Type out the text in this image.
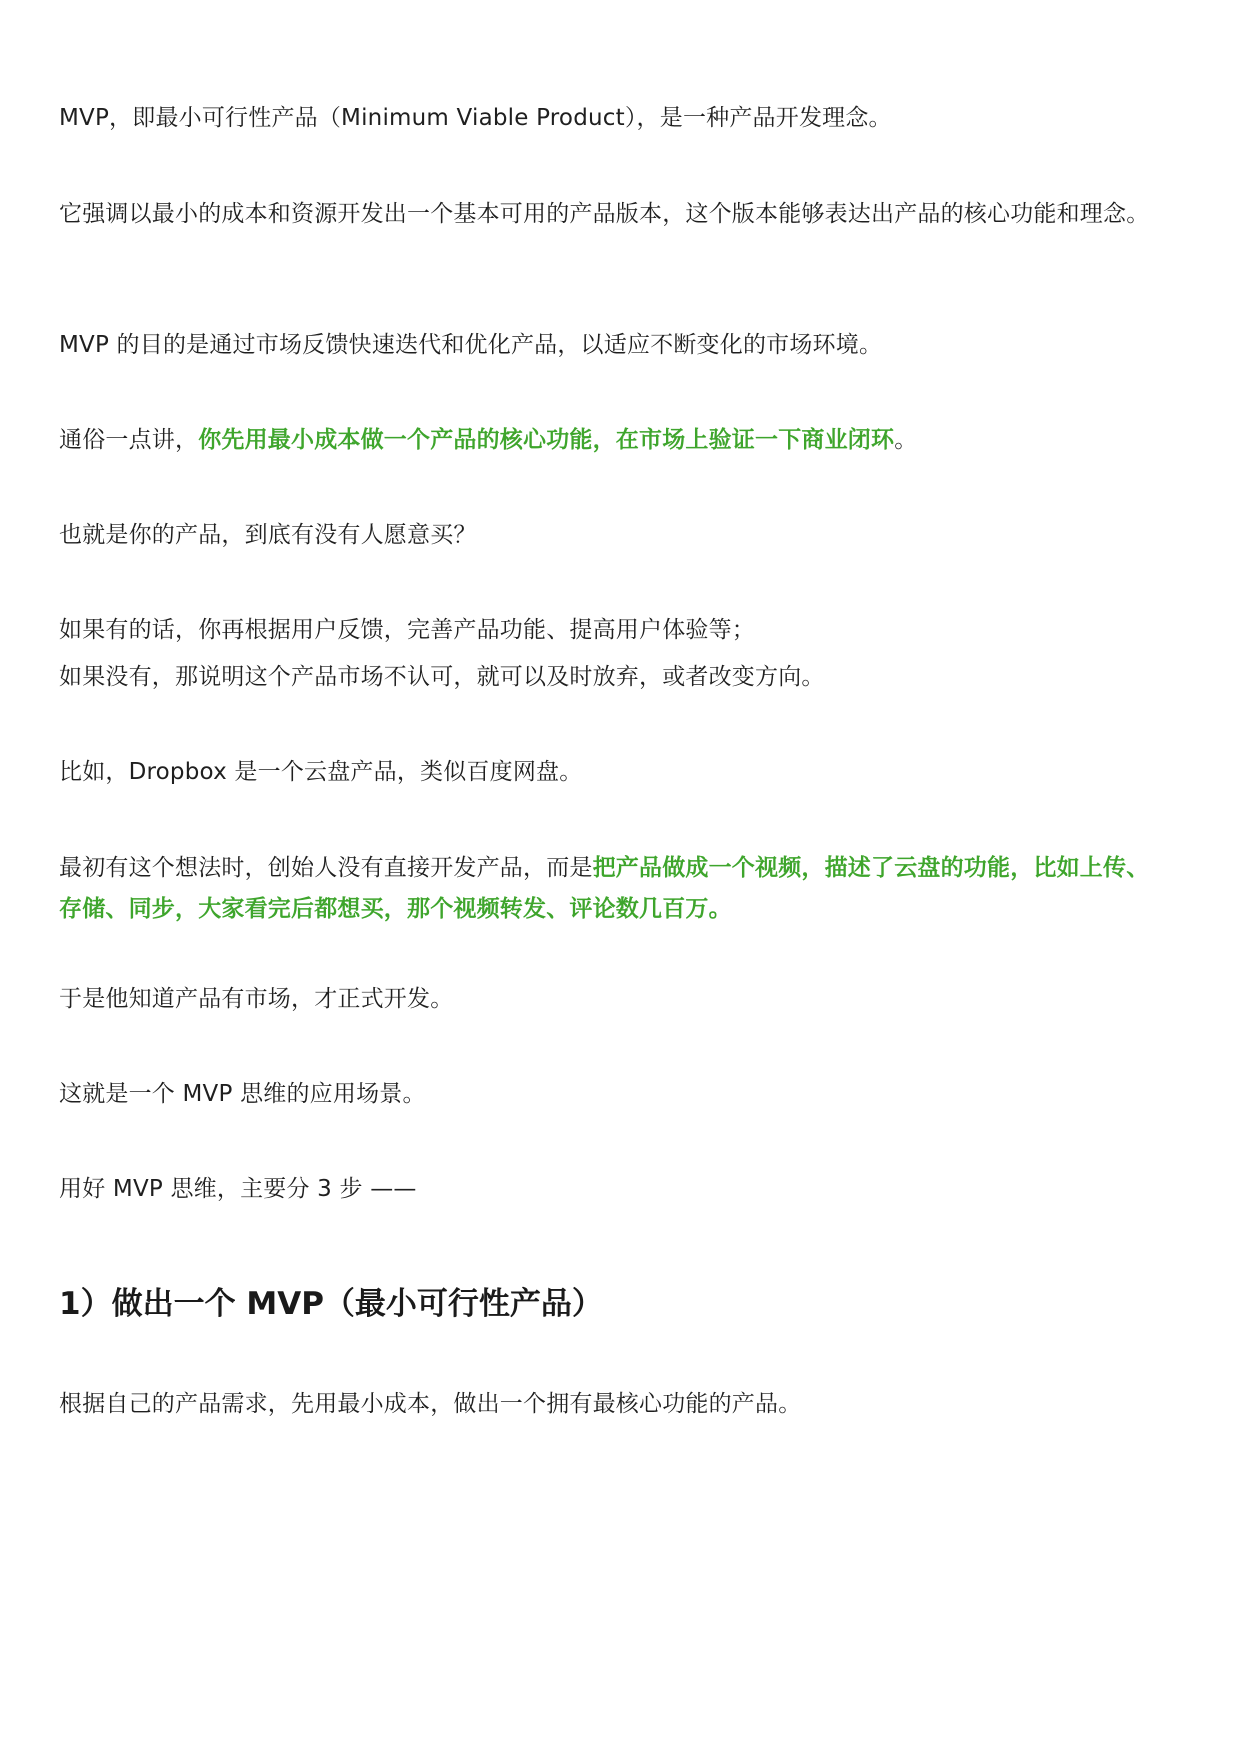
MVP，即最小可行性产品（Minimum Viable Product），是一种产品开发理念。

它强调以最小的成本和资源开发出一个基本可用的产品版本，这个版本能够表达出产品的核心功能和理念。

MVP 的目的是通过市场反馈快速迭代和优化产品，以适应不断变化的市场环境。

通俗一点讲，你先用最小成本做一个产品的核心功能，在市场上验证一下商业闭环。

也就是你的产品，到底有没有人愿意买？

如果有的话，你再根据用户反馈，完善产品功能、提高用户体验等；

如果没有，那说明这个产品市场不认可，就可以及时放弃，或者改变方向。

比如，Dropbox 是一个云盘产品，类似百度网盘。

最初有这个想法时，创始人没有直接开发产品，而是把产品做成一个视频，描述了云盘的功能，比如上传、存储、同步，大家看完后都想买，那个视频转发、评论数几百万。

于是他知道产品有市场，才正式开发。

这就是一个 MVP 思维的应用场景。

用好 MVP 思维，主要分 3 步 ——

1）做出一个 MVP（最小可行性产品）

根据自己的产品需求，先用最小成本，做出一个拥有最核心功能的产品。
